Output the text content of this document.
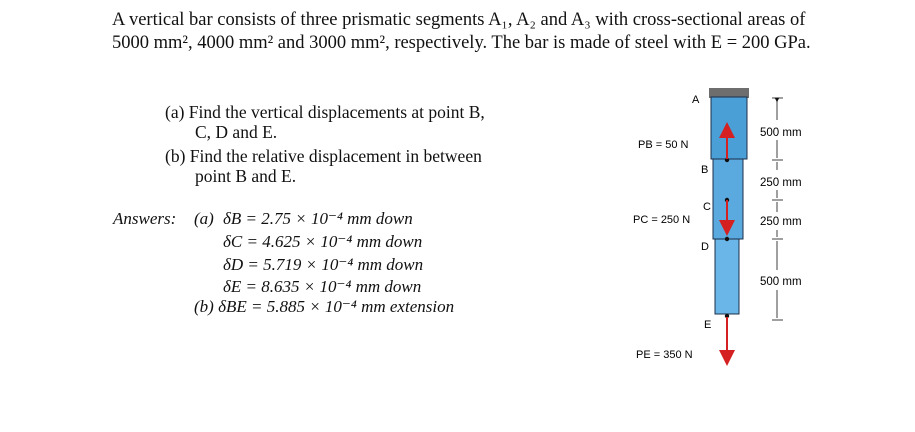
A vertical bar consists of three prismatic segments A₁, A₂ and A₃ with cross-sectional areas of
5000 mm², 4000 mm² and 3000 mm², respectively. The bar is made of steel with E = 200 GPa.
(a) Find the vertical displacements at point B,
C, D and E.
(b) Find the relative displacement in between
point B and E.
Answers: (a) δB = 2.75 × 10⁻⁴ mm down
δC = 4.625 × 10⁻⁴ mm down
δD = 5.719 × 10⁻⁴ mm down
δE = 8.635 × 10⁻⁴ mm down
(b) δBE = 5.885 × 10⁻⁴ mm extension
A
B
C
D
E
PB = 50 N
PC = 250 N
PE = 350 N
500 mm
250 mm
250 mm
500 mm
